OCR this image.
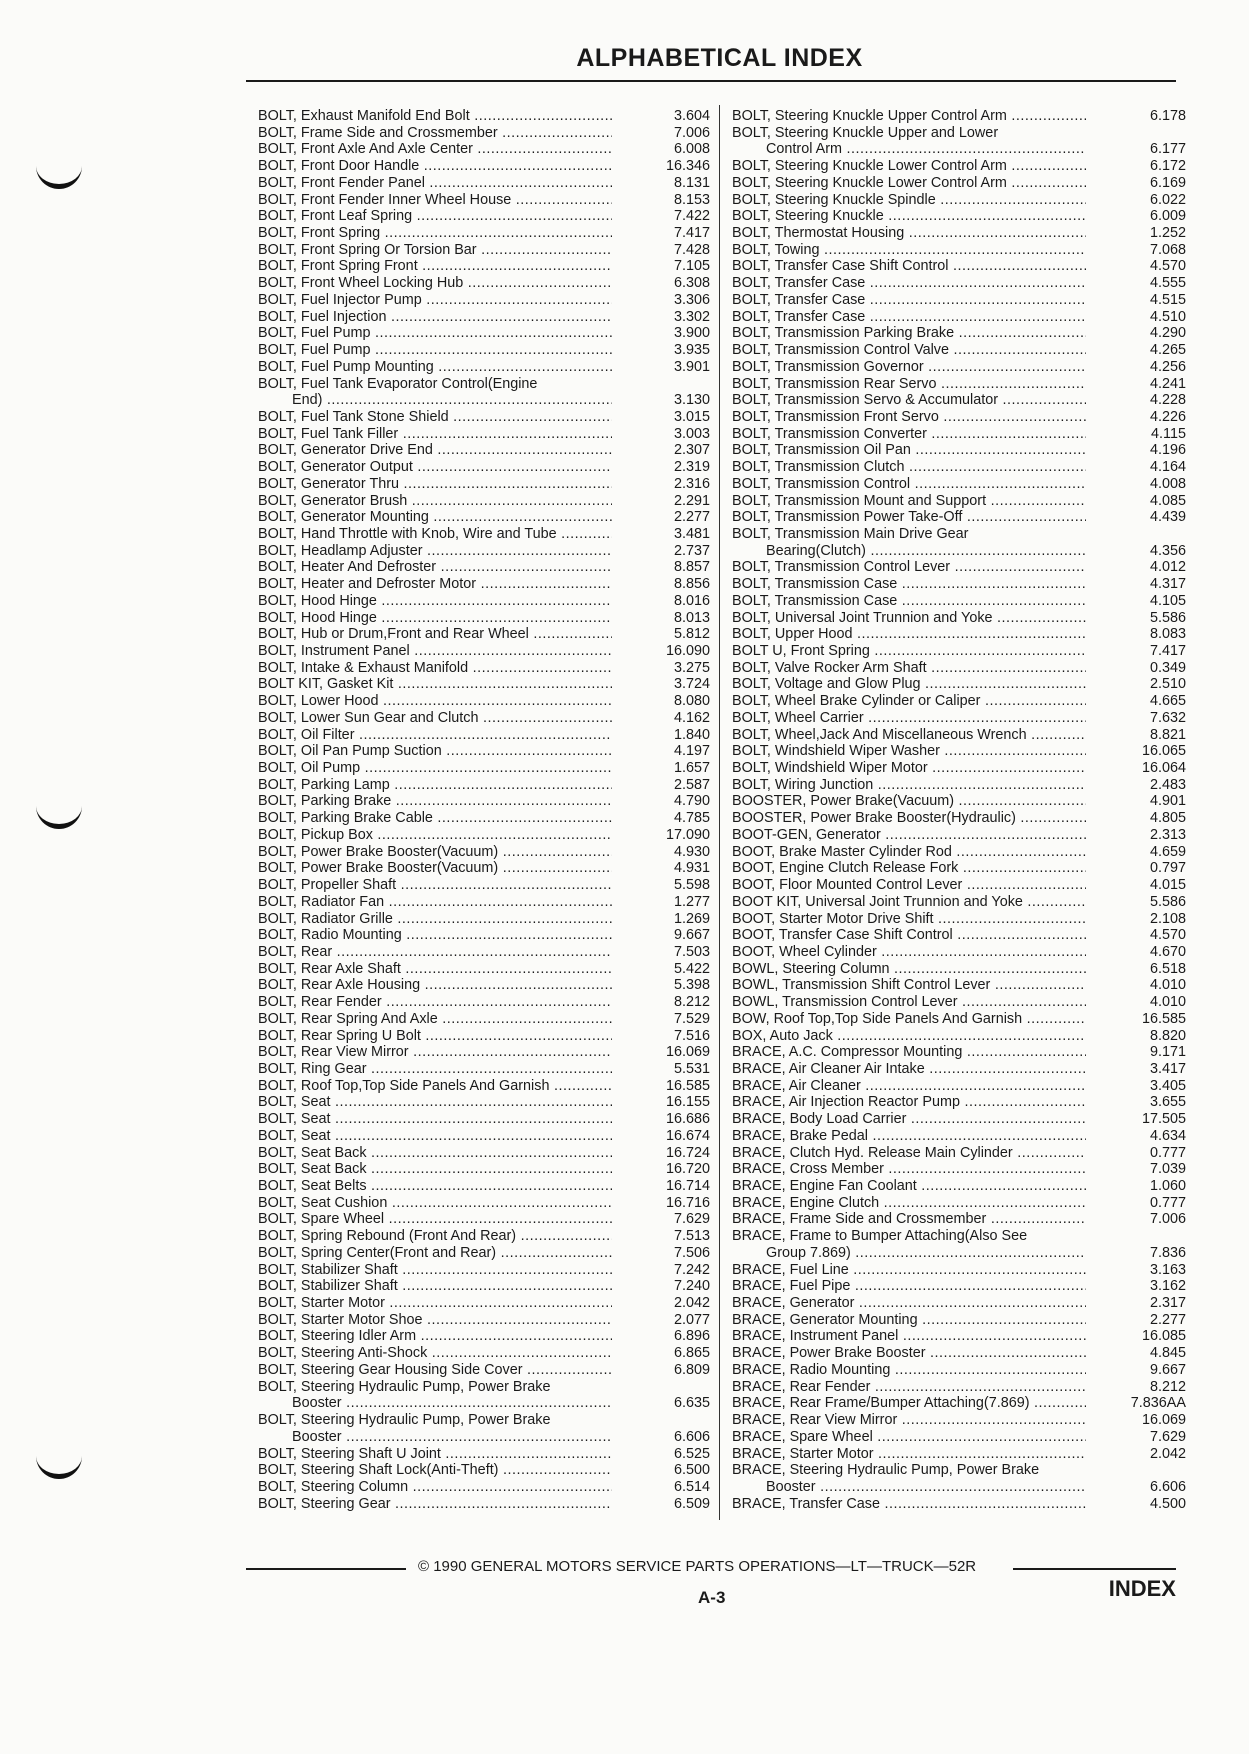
ALPHABETICAL INDEX
BOLT, Exhaust Manifold End Bolt .....	3.604
BOLT, Frame Side and Crossmember .....	7.006
BOLT, Front Axle And Axle Center .....	6.008
BOLT, Front Door Handle .....	16.346
BOLT, Front Fender Panel .....	8.131
BOLT, Front Fender Inner Wheel House .....	8.153
BOLT, Front Leaf Spring .....	7.422
BOLT, Front Spring .....	7.417
BOLT, Front Spring Or Torsion Bar .....	7.428
BOLT, Front Spring Front .....	7.105
BOLT, Front Wheel Locking Hub .....	6.308
BOLT, Fuel Injector Pump .....	3.306
BOLT, Fuel Injection .....	3.302
BOLT, Fuel Pump .....	3.900
BOLT, Fuel Pump .....	3.935
BOLT, Fuel Pump Mounting .....	3.901
BOLT, Fuel Tank Evaporator Control(Engine
End) .....	3.130
BOLT, Fuel Tank Stone Shield .....	3.015
BOLT, Fuel Tank Filler .....	3.003
BOLT, Generator Drive End .....	2.307
BOLT, Generator Output .....	2.319
BOLT, Generator Thru .....	2.316
BOLT, Generator Brush .....	2.291
BOLT, Generator Mounting .....	2.277
BOLT, Hand Throttle with Knob, Wire and Tube .....	3.481
BOLT, Headlamp Adjuster .....	2.737
BOLT, Heater And Defroster .....	8.857
BOLT, Heater and Defroster Motor .....	8.856
BOLT, Hood Hinge .....	8.016
BOLT, Hood Hinge .....	8.013
BOLT, Hub or Drum,Front and Rear Wheel .....	5.812
BOLT, Instrument Panel .....	16.090
BOLT, Intake & Exhaust Manifold .....	3.275
BOLT KIT, Gasket Kit .....	3.724
BOLT, Lower Hood .....	8.080
BOLT, Lower Sun Gear and Clutch .....	4.162
BOLT, Oil Filter .....	1.840
BOLT, Oil Pan Pump Suction .....	4.197
BOLT, Oil Pump .....	1.657
BOLT, Parking Lamp .....	2.587
BOLT, Parking Brake .....	4.790
BOLT, Parking Brake Cable .....	4.785
BOLT, Pickup Box .....	17.090
BOLT, Power Brake Booster(Vacuum) .....	4.930
BOLT, Power Brake Booster(Vacuum) .....	4.931
BOLT, Propeller Shaft .....	5.598
BOLT, Radiator Fan .....	1.277
BOLT, Radiator Grille .....	1.269
BOLT, Radio Mounting .....	9.667
BOLT, Rear .....	7.503
BOLT, Rear Axle Shaft .....	5.422
BOLT, Rear Axle Housing .....	5.398
BOLT, Rear Fender .....	8.212
BOLT, Rear Spring And Axle .....	7.529
BOLT, Rear Spring U Bolt .....	7.516
BOLT, Rear View Mirror .....	16.069
BOLT, Ring Gear .....	5.531
BOLT, Roof Top,Top Side Panels And Garnish .....	16.585
BOLT, Seat .....	16.155
BOLT, Seat .....	16.686
BOLT, Seat .....	16.674
BOLT, Seat Back .....	16.724
BOLT, Seat Back .....	16.720
BOLT, Seat Belts .....	16.714
BOLT, Seat Cushion .....	16.716
BOLT, Spare Wheel .....	7.629
BOLT, Spring Rebound (Front And Rear) .....	7.513
BOLT, Spring Center(Front and Rear) .....	7.506
BOLT, Stabilizer Shaft .....	7.242
BOLT, Stabilizer Shaft .....	7.240
BOLT, Starter Motor .....	2.042
BOLT, Starter Motor Shoe .....	2.077
BOLT, Steering Idler Arm .....	6.896
BOLT, Steering Anti-Shock .....	6.865
BOLT, Steering Gear Housing Side Cover .....	6.809
BOLT, Steering Hydraulic Pump, Power Brake
Booster .....	6.635
BOLT, Steering Hydraulic Pump, Power Brake
Booster .....	6.606
BOLT, Steering Shaft U Joint .....	6.525
BOLT, Steering Shaft Lock(Anti-Theft) .....	6.500
BOLT, Steering Column .....	6.514
BOLT, Steering Gear .....	6.509
BOLT, Steering Knuckle Upper Control Arm .....	6.178
BOLT, Steering Knuckle Upper and Lower
Control Arm .....	6.177
BOLT, Steering Knuckle Lower Control Arm .....	6.172
BOLT, Steering Knuckle Lower Control Arm .....	6.169
BOLT, Steering Knuckle Spindle .....	6.022
BOLT, Steering Knuckle .....	6.009
BOLT, Thermostat Housing .....	1.252
BOLT, Towing .....	7.068
BOLT, Transfer Case Shift Control .....	4.570
BOLT, Transfer Case .....	4.555
BOLT, Transfer Case .....	4.515
BOLT, Transfer Case .....	4.510
BOLT, Transmission Parking Brake .....	4.290
BOLT, Transmission Control Valve .....	4.265
BOLT, Transmission Governor .....	4.256
BOLT, Transmission Rear Servo .....	4.241
BOLT, Transmission Servo & Accumulator .....	4.228
BOLT, Transmission Front Servo .....	4.226
BOLT, Transmission Converter .....	4.115
BOLT, Transmission Oil Pan .....	4.196
BOLT, Transmission Clutch .....	4.164
BOLT, Transmission Control .....	4.008
BOLT, Transmission Mount and Support .....	4.085
BOLT, Transmission Power Take-Off .....	4.439
BOLT, Transmission Main Drive Gear
Bearing(Clutch) .....	4.356
BOLT, Transmission Control Lever .....	4.012
BOLT, Transmission Case .....	4.317
BOLT, Transmission Case .....	4.105
BOLT, Universal Joint Trunnion and Yoke .....	5.586
BOLT, Upper Hood .....	8.083
BOLT U, Front Spring .....	7.417
BOLT, Valve Rocker Arm Shaft .....	0.349
BOLT, Voltage and Glow Plug .....	2.510
BOLT, Wheel Brake Cylinder or Caliper .....	4.665
BOLT, Wheel Carrier .....	7.632
BOLT, Wheel,Jack And Miscellaneous Wrench .....	8.821
BOLT, Windshield Wiper Washer .....	16.065
BOLT, Windshield Wiper Motor .....	16.064
BOLT, Wiring Junction .....	2.483
BOOSTER, Power Brake(Vacuum) .....	4.901
BOOSTER, Power Brake Booster(Hydraulic) .....	4.805
BOOT-GEN, Generator .....	2.313
BOOT, Brake Master Cylinder Rod .....	4.659
BOOT, Engine Clutch Release Fork .....	0.797
BOOT, Floor Mounted Control Lever .....	4.015
BOOT KIT, Universal Joint Trunnion and Yoke .....	5.586
BOOT, Starter Motor Drive Shift .....	2.108
BOOT, Transfer Case Shift Control .....	4.570
BOOT, Wheel Cylinder .....	4.670
BOWL, Steering Column .....	6.518
BOWL, Transmission Shift Control Lever .....	4.010
BOWL, Transmission Control Lever .....	4.010
BOW, Roof Top,Top Side Panels And Garnish .....	16.585
BOX, Auto Jack .....	8.820
BRACE, A.C. Compressor Mounting .....	9.171
BRACE, Air Cleaner Air Intake .....	3.417
BRACE, Air Cleaner .....	3.405
BRACE, Air Injection Reactor Pump .....	3.655
BRACE, Body Load Carrier .....	17.505
BRACE, Brake Pedal .....	4.634
BRACE, Clutch Hyd. Release Main Cylinder .....	0.777
BRACE, Cross Member .....	7.039
BRACE, Engine Fan Coolant .....	1.060
BRACE, Engine Clutch .....	0.777
BRACE, Frame Side and Crossmember .....	7.006
BRACE, Frame to Bumper Attaching(Also See
Group 7.869) .....	7.836
BRACE, Fuel Line .....	3.163
BRACE, Fuel Pipe .....	3.162
BRACE, Generator .....	2.317
BRACE, Generator Mounting .....	2.277
BRACE, Instrument Panel .....	16.085
BRACE, Power Brake Booster .....	4.845
BRACE, Radio Mounting .....	9.667
BRACE, Rear Fender .....	8.212
BRACE, Rear Frame/Bumper Attaching(7.869) .....	7.836AA
BRACE, Rear View Mirror .....	16.069
BRACE, Spare Wheel .....	7.629
BRACE, Starter Motor .....	2.042
BRACE, Steering Hydraulic Pump, Power Brake
Booster .....	6.606
BRACE, Transfer Case .....	4.500
© 1990 GENERAL MOTORS SERVICE PARTS OPERATIONS—LT—TRUCK—52R
A-3	INDEX
